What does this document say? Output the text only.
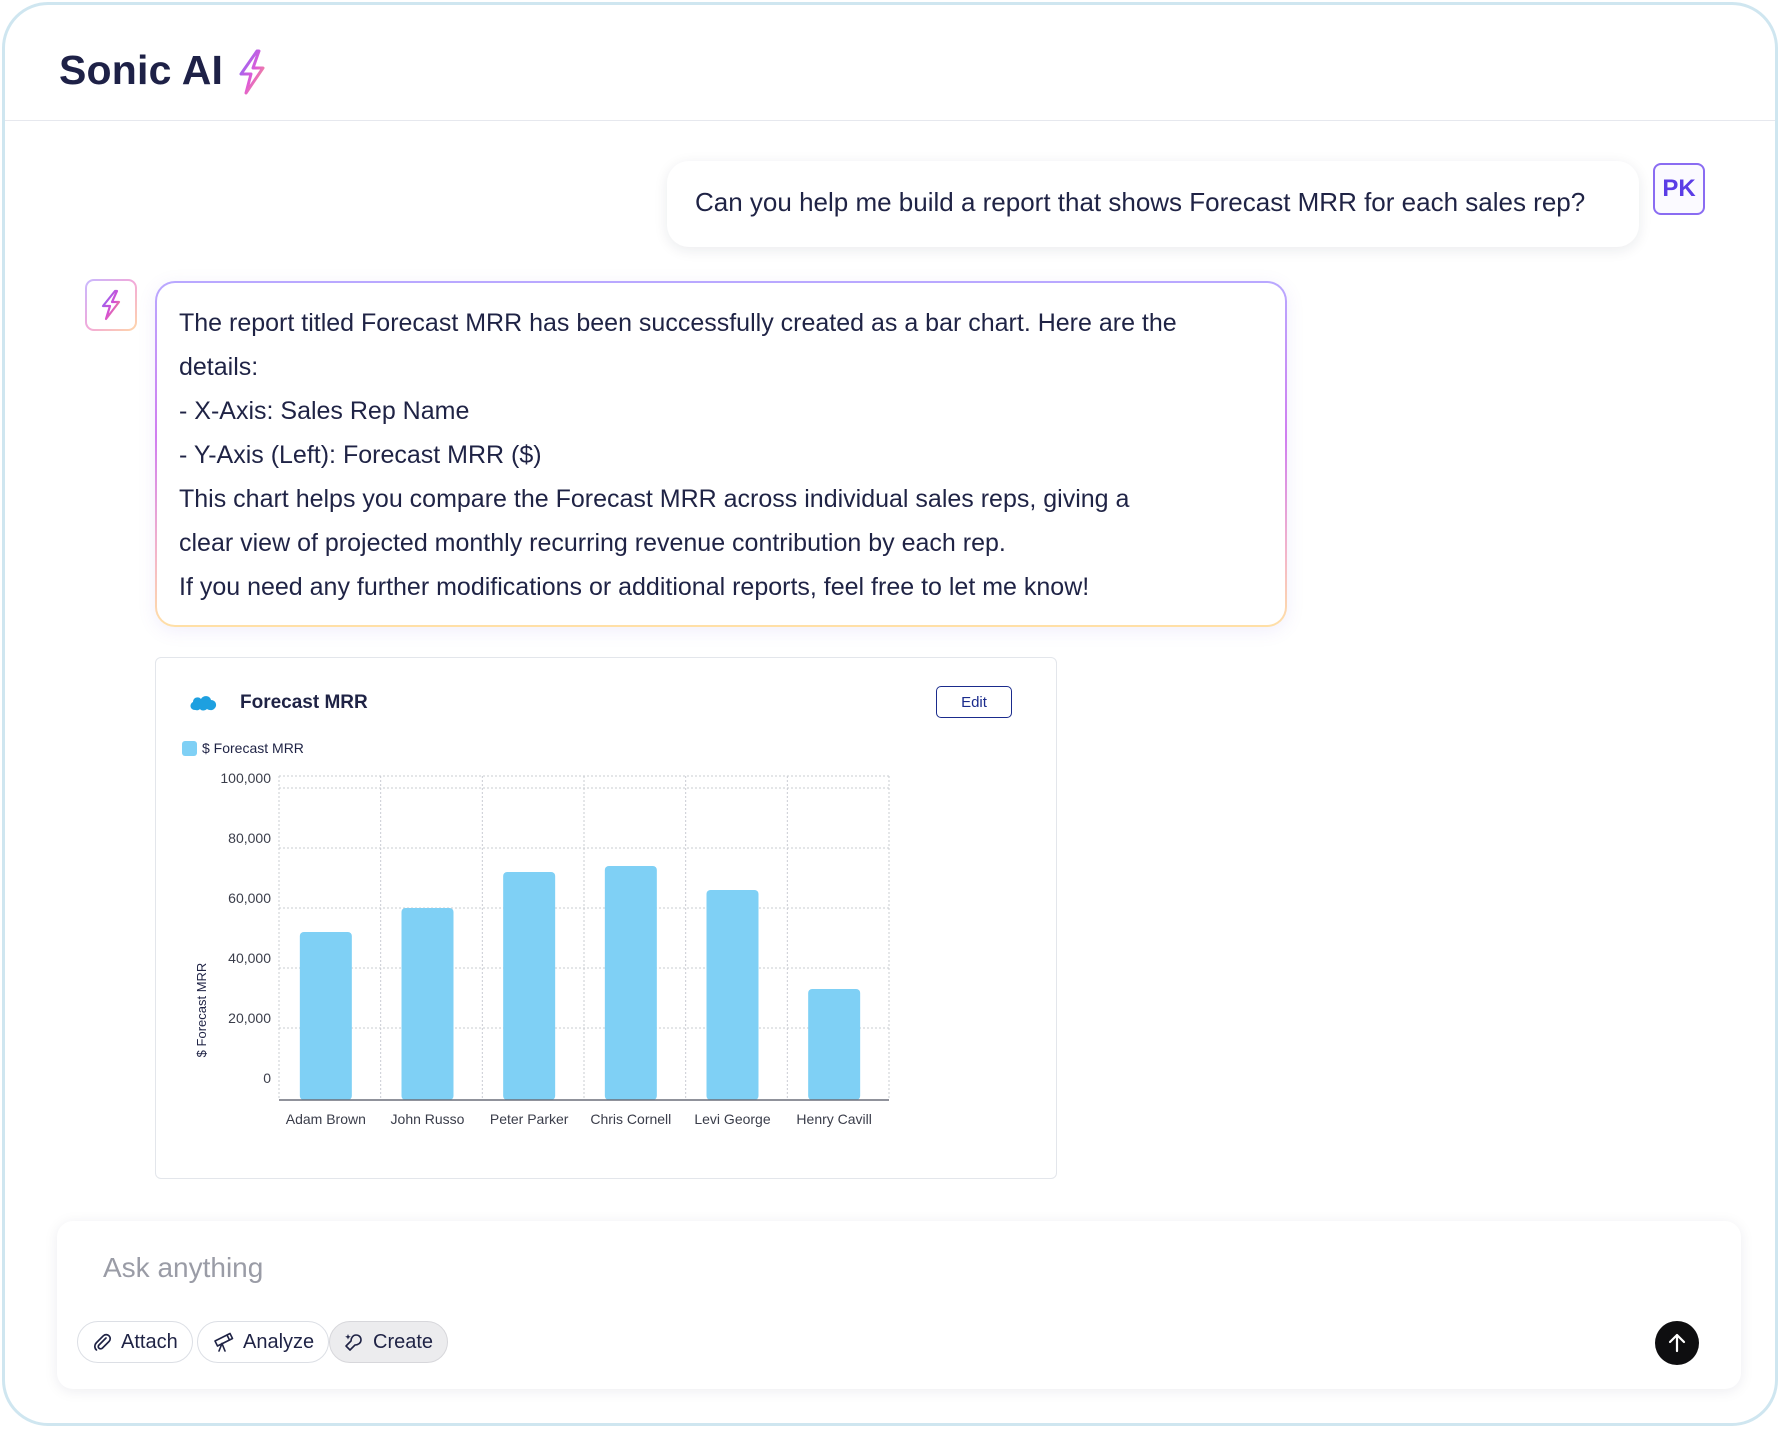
Sonic AI
Can you help me build a report that shows Forecast MRR for each sales rep?	PK
The report titled Forecast MRR has been successfully created as a bar chart. Here are the
details:
- X-Axis: Sales Rep Name
- Y-Axis (Left): Forecast MRR ($)
This chart helps you compare the Forecast MRR across individual sales reps, giving a
clear view of projected monthly recurring revenue contribution by each rep.
If you need any further modifications or additional reports, feel free to let me know!
Forecast MRR	Edit
$ Forecast MRR
0
20,000
40,000
60,000
80,000
100,000
Adam Brown John Russo Peter Parker Chris Cornell Levi George Henry Cavill
$ Forecast MRR
Ask anything
Attach	Analyze	Create
